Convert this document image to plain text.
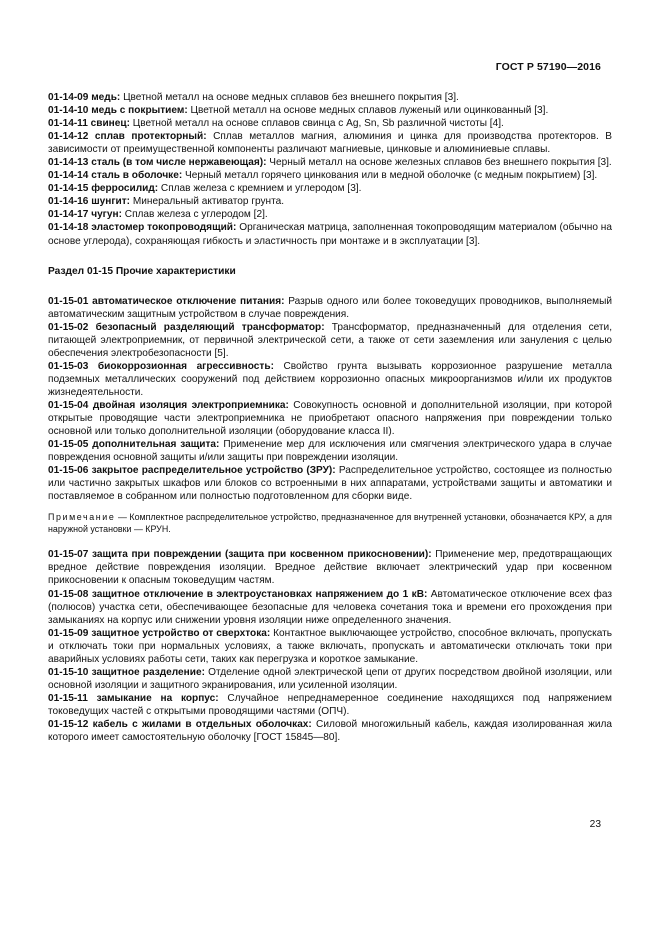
ГОСТ Р 57190—2016

01-14-09 медь: Цветной металл на основе медных сплавов без внешнего покрытия [3].

01-14-10 медь с покрытием: Цветной металл на основе медных сплавов луженый или оцинкованный [3].

01-14-11 свинец: Цветной металл на основе сплавов свинца с Ag, Sn, Sb различной чистоты [4].

01-14-12 сплав протекторный: Сплав металлов магния, алюминия и цинка для производства протекторов. В зависимости от преимущественной компоненты различают магниевые, цинковые и алюминиевые сплавы.

01-14-13 сталь (в том числе нержавеющая): Черный металл на основе железных сплавов без внешнего покрытия [3].

01-14-14 сталь в оболочке: Черный металл горячего цинкования или в медной оболочке (с медным покрытием) [3].

01-14-15 ферросилид: Сплав железа с кремнием и углеродом [3].

01-14-16 шунгит: Минеральный активатор грунта.

01-14-17 чугун: Сплав железа с углеродом [2].

01-14-18 эластомер токопроводящий: Органическая матрица, заполненная токопроводящим материалом (обычно на основе углерода), сохраняющая гибкость и эластичность при монтаже и в эксплуатации [3].

Раздел 01-15 Прочие характеристики

01-15-01 автоматическое отключение питания: Разрыв одного или более токоведущих проводников, выполняемый автоматическим защитным устройством в случае повреждения.

01-15-02 безопасный разделяющий трансформатор: Трансформатор, предназначенный для отделения сети, питающей электроприемник, от первичной электрической сети, а также от сети заземления или зануления с целью обеспечения электробезопасности [5].

01-15-03 биокоррозионная агрессивность: Свойство грунта вызывать коррозионное разрушение металла подземных металлических сооружений под действием коррозионно опасных микроорганизмов и/или их продуктов жизнедеятельности.

01-15-04 двойная изоляция электроприемника: Совокупность основной и дополнительной изоляции, при которой открытые проводящие части электроприемника не приобретают опасного напряжения при повреждении только основной или только дополнительной изоляции (оборудование класса II).

01-15-05 дополнительная защита: Применение мер для исключения или смягчения электрического удара в случае повреждения основной защиты и/или защиты при повреждении изоляции.

01-15-06 закрытое распределительное устройство (ЗРУ): Распределительное устройство, состоящее из полностью или частично закрытых шкафов или блоков со встроенными в них аппаратами, устройствами защиты и автоматики и поставляемое в собранном или полностью подготовленном для сборки виде.

Примечание — Комплектное распределительное устройство, предназначенное для внутренней установки, обозначается КРУ, а для наружной установки — КРУН.

01-15-07 защита при повреждении (защита при косвенном прикосновении): Применение мер, предотвращающих вредное действие повреждения изоляции. Вредное действие включает электрический удар при косвенном прикосновении к опасным токоведущим частям.

01-15-08 защитное отключение в электроустановках напряжением до 1 кВ: Автоматическое отключение всех фаз (полюсов) участка сети, обеспечивающее безопасные для человека сочетания тока и времени его прохождения при замыканиях на корпус или снижении уровня изоляции ниже определенного значения.

01-15-09 защитное устройство от сверхтока: Контактное выключающее устройство, способное включать, пропускать и отключать токи при нормальных условиях, а также включать, пропускать и автоматически отключать токи при аварийных условиях работы сети, таких как перегрузка и короткое замыкание.

01-15-10 защитное разделение: Отделение одной электрической цепи от других посредством двойной изоляции, или основной изоляции и защитного экранирования, или усиленной изоляции.

01-15-11 замыкание на корпус: Случайное непреднамеренное соединение находящихся под напряжением токоведущих частей с открытыми проводящими частями (ОПЧ).

01-15-12 кабель с жилами в отдельных оболочках: Силовой многожильный кабель, каждая изолированная жила которого имеет самостоятельную оболочку [ГОСТ 15845—80].

23
